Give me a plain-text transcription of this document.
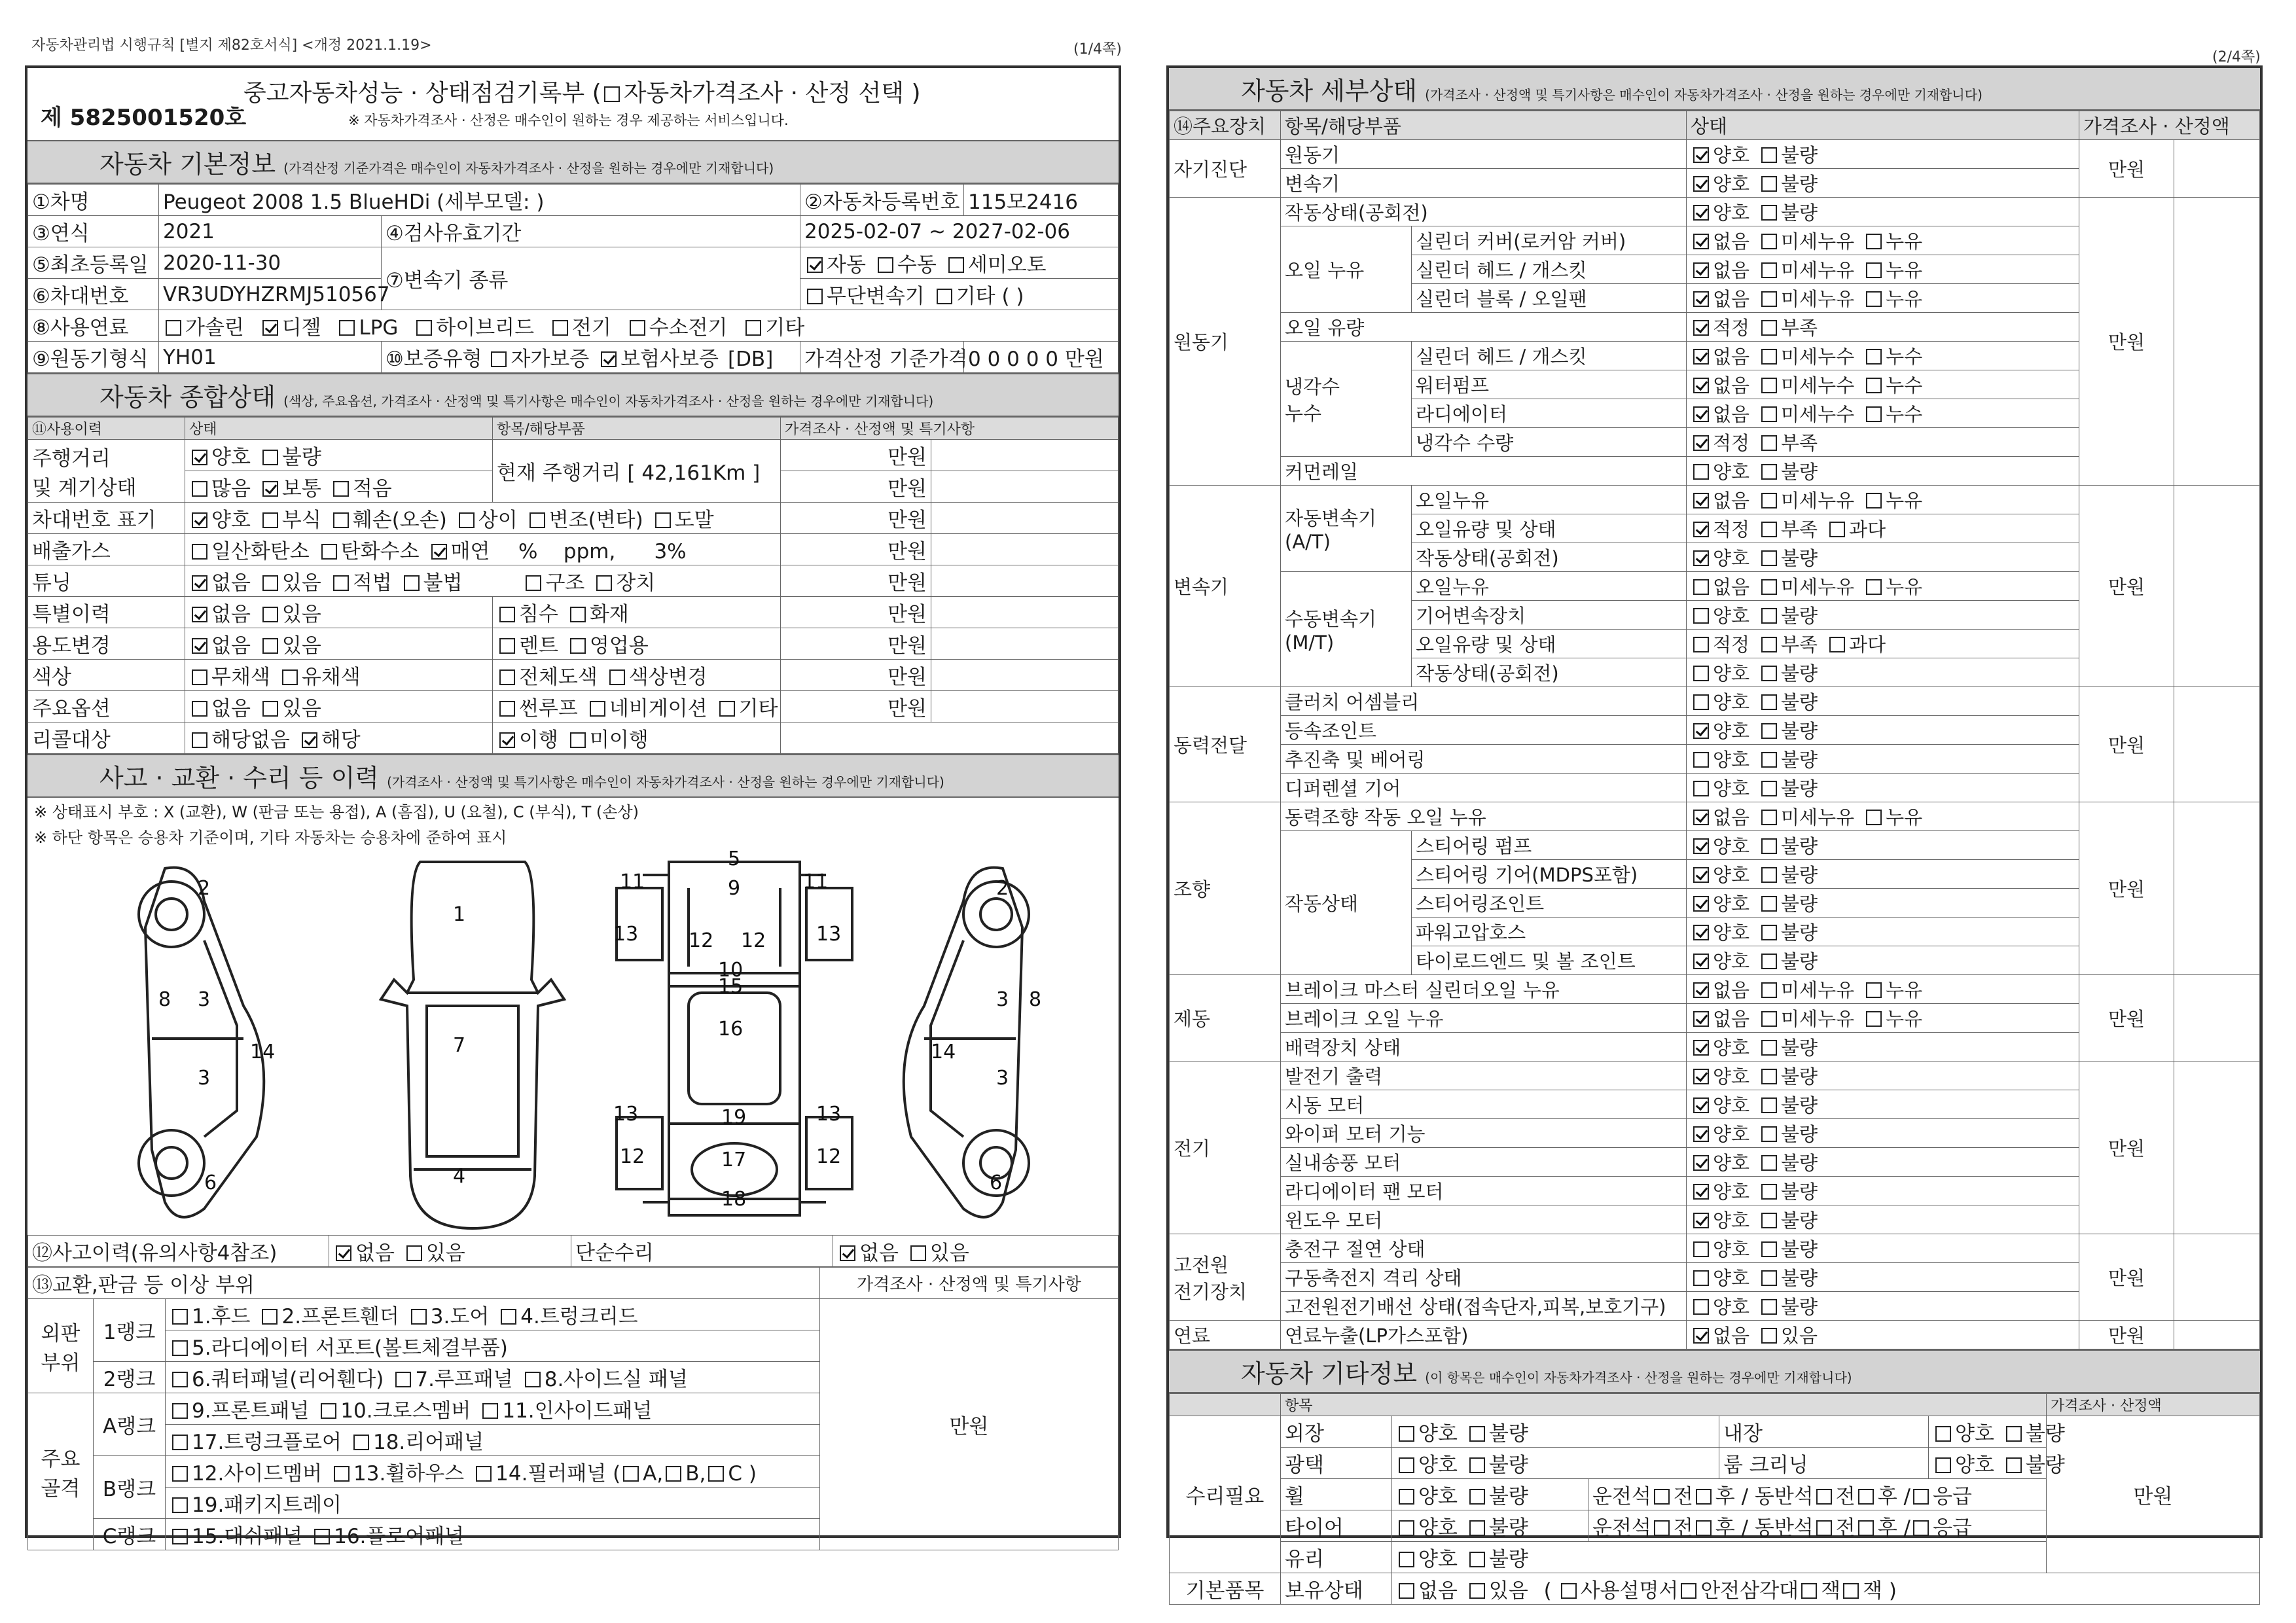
자동차관리법 시행규칙 [별지 제82호서식] <개정 2021.1.19>	(1/4쪽)	(2/4쪽)
제 5825001520호
중고자동차성능 · 상태점검기록부 ( 자동차가격조사 · 산정 선택 )
※ 자동차가격조사 · 산정은 매수인이 원하는 경우 제공하는 서비스입니다.
자동차 기본정보 (가격산정 기준가격은 매수인이 자동차가격조사 · 산정을 원하는 경우에만 기재합니다)
①차명	Peugeot 2008 1.5 BlueHDi (세부모델: )		②자동차등록번호	115모2416
③연식	2021	④검사유효기간	2025-02-07 ~ 2027-02-06	
⑤최초등록일	2020-11-30	⑦변속기 종류	자동 수동 세미오토	
⑥차대번호	VR3UDYHZRMJ510567		무단변속기 기타 ( )	
⑧사용연료	가솔린 디젤 LPG 하이브리드 전기 수소전기 기타			
⑨원동기형식	YH01	⑩보증유형 자가보증 보험사보증 [DB]	가격산정 기준가격	0 0 0 0 0 만원
자동차 종합상태 (색상, 주요옵션, 가격조사 · 산정액 및 특기사항은 매수인이 자동차가격조사 · 산정을 원하는 경우에만 기재합니다)
⑪사용이력	상태	항목/해당부품	가격조사 · 산정액 및 특기사항	
주행거리
및 계기상태	양호 불량	현재 주행거리 [ 42,161Km ]	만원	
	많음 보통 적음		만원	
차대번호 표기	양호 부식 훼손(오손) 상이 변조(변타) 도말		만원	
배출가스	일산화탄소 탄화수소 매연 % ppm, 3%		만원	
튜닝	없음 있음 적법 불법 구조 장치		만원	
특별이력	없음 있음	침수 화재	만원	
용도변경	없음 있음	렌트 영업용	만원	
색상	무채색 유채색	전체도색 색상변경	만원	
주요옵션	없음 있음	썬루프 네비게이션 기타	만원	
리콜대상	해당없음 해당	이행 미이행		
사고 · 교환 · 수리 등 이력 (가격조사 · 산정액 및 특기사항은 매수인이 자동차가격조사 · 산정을 원하는 경우에만 기재합니다)
※ 상태표시 부호 : X (교환), W (판금 또는 용접), A (흠집), U (요철), C (부식), T (손상)
※ 하단 항목은 승용차 기준이며, 기타 자동차는 승용차에 준하여 표시
2
3
3
8
14
6
1
7
4
5
9
11	11
13	13
12 12
10
15
16
13	13
19
12	12
17
18
2
3
3
8
14
6
⑫사고이력(유의사항4참조)	없음 있음	단순수리	없음 있음
⑬교환,판금 등 이상 부위			가격조사 · 산정액 및 특기사항
외판
부위	1랭크	1.후드 2.프론트휀더 3.도어 4.트렁크리드	만원
		5.라디에이터 서포트(볼트체결부품)	
	2랭크	6.쿼터패널(리어휀다) 7.루프패널 8.사이드실 패널	
주요
골격	A랭크	9.프론트패널 10.크로스멤버 11.인사이드패널	
		17.트렁크플로어 18.리어패널	
	B랭크	12.사이드멤버 13.휠하우스 14.필러패널 ( A, B, C )	
		19.패키지트레이	
	C랭크	15.대쉬패널 16.플로어패널	
자동차 세부상태 (가격조사 · 산정액 및 특기사항은 매수인이 자동차가격조사 · 산정을 원하는 경우에만 기재합니다)
⑭주요장치	항목/해당부품		상태	가격조사 · 산정액	
자기진단	원동기		양호 불량	만원	
	변속기		양호 불량		
원동기	작동상태(공회전)		양호 불량	만원	
	오일 누유	실린더 커버(로커암 커버)	없음 미세누유 누유		
		실린더 헤드 / 개스킷	없음 미세누유 누유		
		실린더 블록 / 오일팬	없음 미세누유 누유		
	오일 유량		적정 부족		
	냉각수
누수	실린더 헤드 / 개스킷	없음 미세누수 누수		
		워터펌프	없음 미세누수 누수		
		라디에이터	없음 미세누수 누수		
		냉각수 수량	적정 부족		
	커먼레일		양호 불량		
변속기	자동변속기
(A/T)	오일누유	없음 미세누유 누유	만원	
		오일유량 및 상태	적정 부족 과다		
		작동상태(공회전)	양호 불량		
	수동변속기
(M/T)	오일누유	없음 미세누유 누유		
		기어변속장치	양호 불량		
		오일유량 및 상태	적정 부족 과다		
		작동상태(공회전)	양호 불량		
동력전달	클러치 어셈블리		양호 불량	만원	
	등속조인트		양호 불량		
	추진축 및 베어링		양호 불량		
	디퍼렌셜 기어		양호 불량		
조향	동력조향 작동 오일 누유		없음 미세누유 누유	만원	
	작동상태	스티어링 펌프	양호 불량		
		스티어링 기어(MDPS포함)	양호 불량		
		스티어링조인트	양호 불량		
		파워고압호스	양호 불량		
		타이로드엔드 및 볼 조인트	양호 불량		
제동	브레이크 마스터 실린더오일 누유		없음 미세누유 누유	만원	
	브레이크 오일 누유		없음 미세누유 누유		
	배력장치 상태		양호 불량		
전기	발전기 출력		양호 불량	만원	
	시동 모터		양호 불량		
	와이퍼 모터 기능		양호 불량		
	실내송풍 모터		양호 불량		
	라디에이터 팬 모터		양호 불량		
	윈도우 모터		양호 불량		
고전원
전기장치	충전구 절연 상태		양호 불량	만원	
	구동축전지 격리 상태		양호 불량		
	고전원전기배선 상태(접속단자,피복,보호기구)		양호 불량		
연료	연료누출(LP가스포함)		없음 있음	만원	
자동차 기타정보 (이 항목은 매수인이 자동차가격조사 · 산정을 원하는 경우에만 기재합니다)
	항목					가격조사 · 산정액
수리필요	외장	양호 불량		내장	양호 불량	만원
	광택	양호 불량		룸 크리닝	양호 불량	
	휠	양호 불량	운전석 전 후 / 동반석 전 후 / 응급			
	타이어	양호 불량	운전석 전 후 / 동반석 전 후 / 응급			
	유리	양호 불량				
기본품목	보유상태	없음 있음 ( 사용설명서 안전삼각대 잭 잭 )				
